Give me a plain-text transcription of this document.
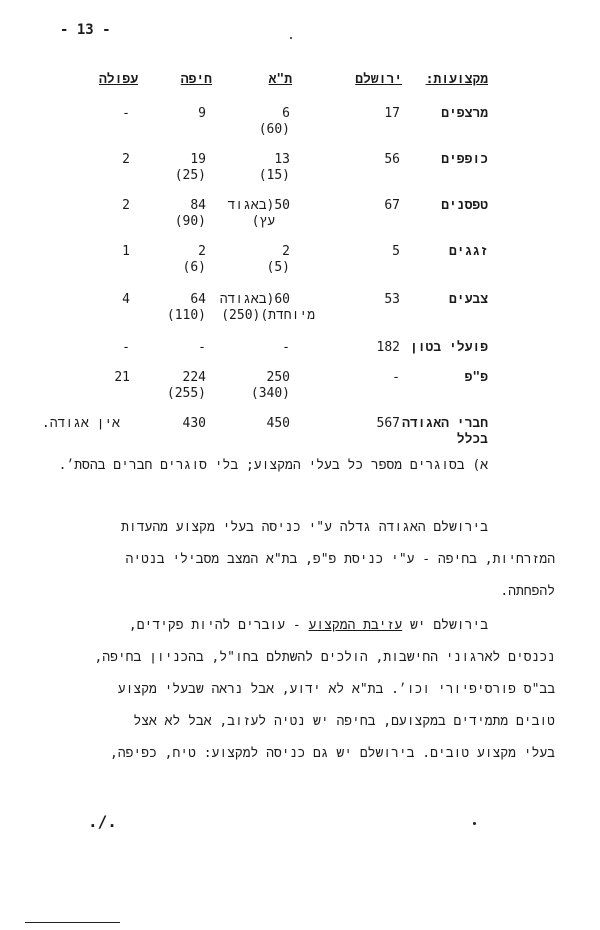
- 13 -
מקצועות:
ירושלם
ת"א
חיפה
עפולה
מרצפים
17
6
(60)
9
-
כופפים
56
13
(15)
19
(25)
2
טפסנים
67
50(באגוד
עץ)
84
(90)
2
זגגים
5
2
(5)
2
(6)
1
צבעים
53
60(באגודה
מיוחדת)(250)
64
(110)
4
פועלי בטון
182
-
-
-
פ"פ
-
250
(340)
224
(255)
21
חברי האגודה
בכלל
567
450
430
אין אגודה.
א) בסוגרים מספר כל בעלי המקצוע; בלי סוגרים חברים בהסת׳.
בירושלם האגודה גדלה ע"י כניסה בעלי מקצוע מהעדות
המזרחיות, בחיפה - ע"י כניסת פ"פ, בת"א המצב מסבילי בנטיה
להפחתה.
בירושלם יש עזיבת המקצוע - עוברים להיות פקידים,
נכנסים לארגוני החישבות, הולכים להשתלם בחו"ל, בהכניון בחיפה,
בב"ס פורסיפיורי וכו׳. בת"א לא ידוע, אבל נראה שבעלי מקצוע
טובים מתמידים במקצועם, בחיפה יש נטיה לעזוב, אבל לא אצל
בעלי מקצוע טובים. בירושלם יש גם כניסה למקצוע: טיח, כפיפה,
./.
